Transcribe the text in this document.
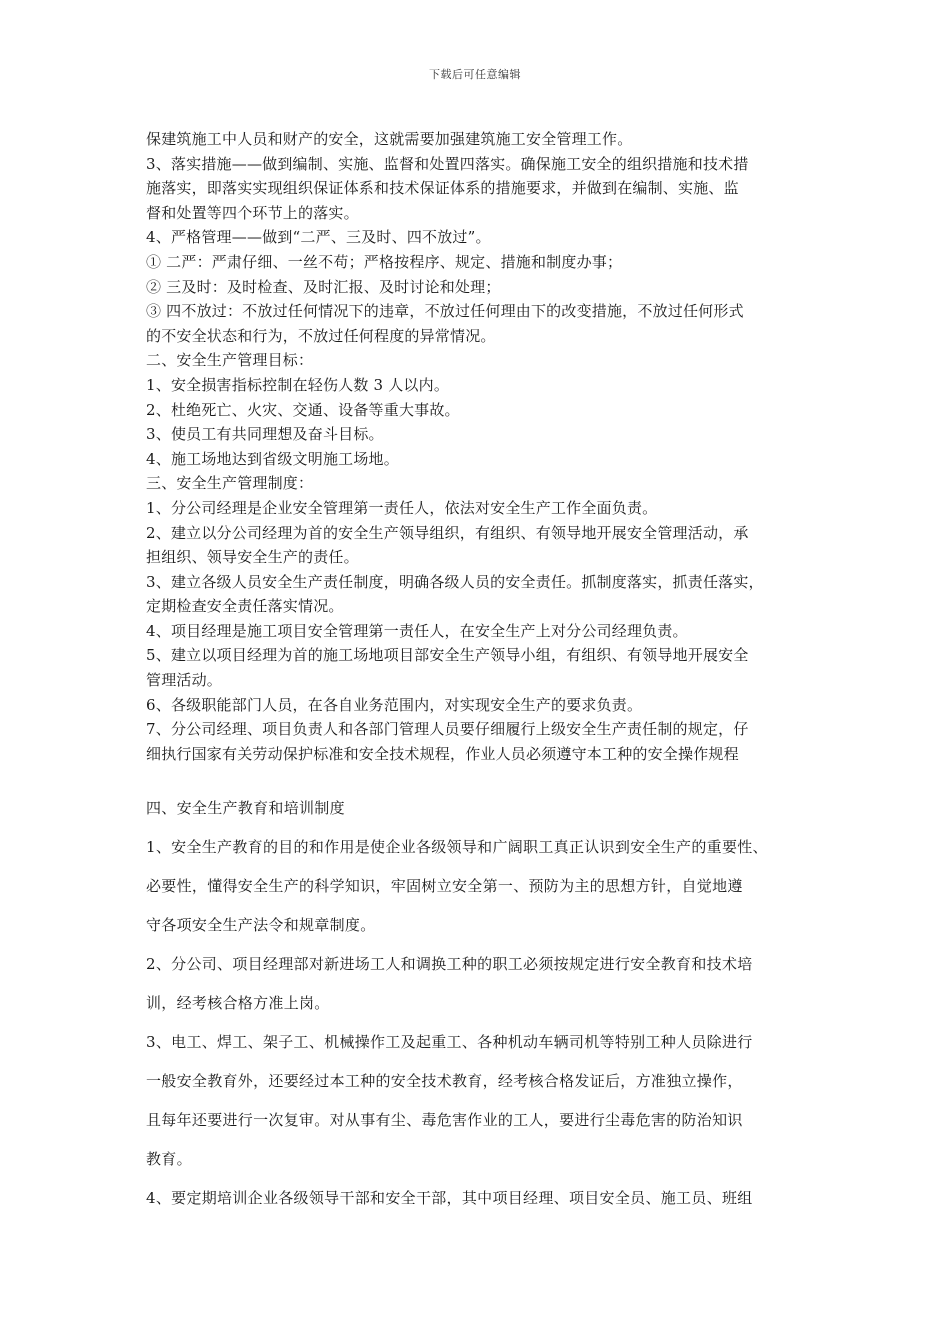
下载后可任意编辑
保建筑施工中人员和财产的安全，这就需要加强建筑施工安全管理工作。
3、落实措施——做到编制、实施、监督和处置四落实。确保施工安全的组织措施和技术措
施落实，即落实实现组织保证体系和技术保证体系的措施要求，并做到在编制、实施、监
督和处置等四个环节上的落实。
4、严格管理——做到“二严、三及时、四不放过”。
① 二严：严肃仔细、一丝不苟；严格按程序、规定、措施和制度办事；
② 三及时：及时检查、及时汇报、及时讨论和处理；
③ 四不放过：不放过任何情况下的违章，不放过任何理由下的改变措施，不放过任何形式
的不安全状态和行为，不放过任何程度的异常情况。
二、安全生产管理目标：
1、安全损害指标控制在轻伤人数 3 人以内。
2、杜绝死亡、火灾、交通、设备等重大事故。
3、使员工有共同理想及奋斗目标。
4、施工场地达到省级文明施工场地。
三、安全生产管理制度：
1、分公司经理是企业安全管理第一责任人，依法对安全生产工作全面负责。
2、建立以分公司经理为首的安全生产领导组织，有组织、有领导地开展安全管理活动，承
担组织、领导安全生产的责任。
3、建立各级人员安全生产责任制度，明确各级人员的安全责任。抓制度落实，抓责任落实，
定期检查安全责任落实情况。
4、项目经理是施工项目安全管理第一责任人，在安全生产上对分公司经理负责。
5、建立以项目经理为首的施工场地项目部安全生产领导小组，有组织、有领导地开展安全
管理活动。
6、各级职能部门人员，在各自业务范围内，对实现安全生产的要求负责。
7、分公司经理、项目负责人和各部门管理人员要仔细履行上级安全生产责任制的规定，仔
细执行国家有关劳动保护标准和安全技术规程，作业人员必须遵守本工种的安全操作规程
四、安全生产教育和培训制度
1、安全生产教育的目的和作用是使企业各级领导和广阔职工真正认识到安全生产的重要性、
必要性，懂得安全生产的科学知识，牢固树立安全第一、预防为主的思想方针，自觉地遵
守各项安全生产法令和规章制度。
2、分公司、项目经理部对新进场工人和调换工种的职工必须按规定进行安全教育和技术培
训，经考核合格方准上岗。
3、电工、焊工、架子工、机械操作工及起重工、各种机动车辆司机等特别工种人员除进行
一般安全教育外，还要经过本工种的安全技术教育，经考核合格发证后，方准独立操作，
且每年还要进行一次复审。对从事有尘、毒危害作业的工人，要进行尘毒危害的防治知识
教育。
4、要定期培训企业各级领导干部和安全干部，其中项目经理、项目安全员、施工员、班组
